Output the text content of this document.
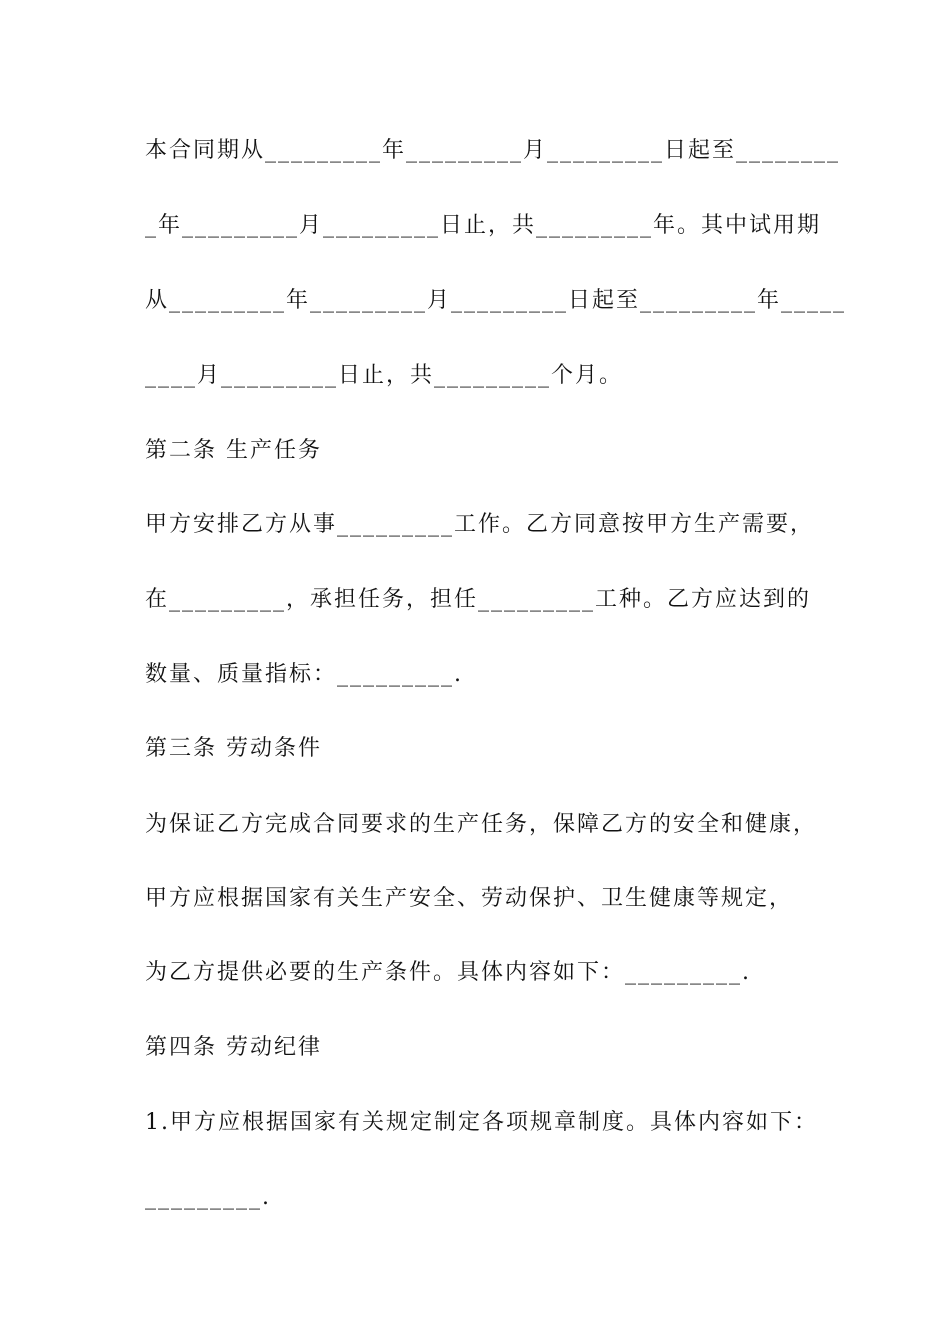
本合同期从_________年_________月_________日起至________
_年_________月_________日止，共_________年。其中试用期
从_________年_________月_________日起至_________年_____
____月_________日止，共_________个月。
第二条 生产任务
甲方安排乙方从事_________工作。乙方同意按甲方生产需要，
在_________，承担任务，担任_________工种。乙方应达到的
数量、质量指标：_________.
第三条 劳动条件
为保证乙方完成合同要求的生产任务，保障乙方的安全和健康，
甲方应根据国家有关生产安全、劳动保护、卫生健康等规定，
为乙方提供必要的生产条件。具体内容如下：_________.
第四条 劳动纪律
1.甲方应根据国家有关规定制定各项规章制度。具体内容如下：
_________.
